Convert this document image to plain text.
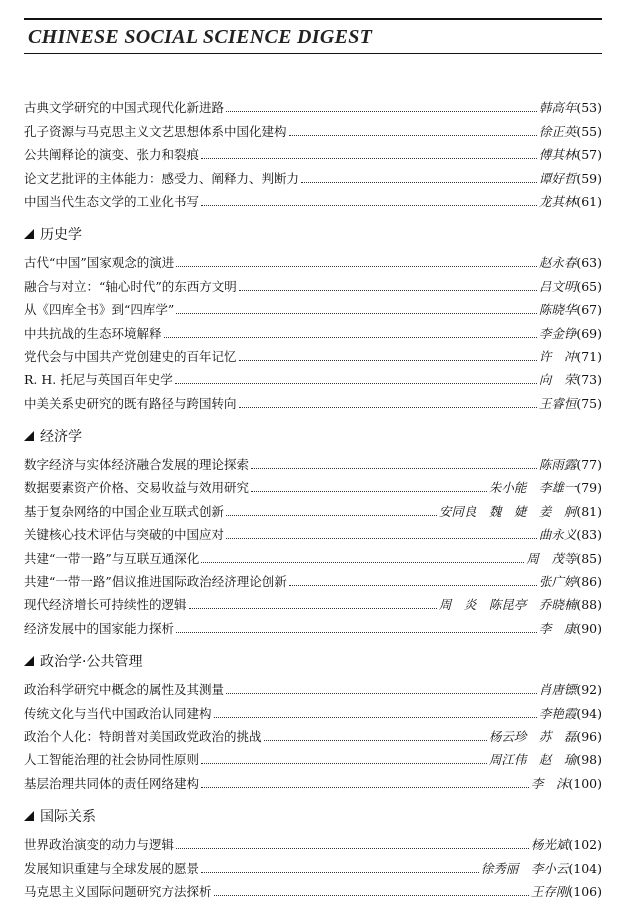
CHINESE SOCIAL SCIENCE DIGEST
古典文学研究的中国式现代化新进路	韩高年 (53)
孔子资源与马克思主义文艺思想体系中国化建构	徐正英 (55)
公共阐释论的演变、张力和裂痕	傅其林 (57)
论文艺批评的主体能力：感受力、阐释力、判断力	谭好哲 (59)
中国当代生态文学的工业化书写	龙其林 (61)
历史学
古代“中国”国家观念的演进	赵永春 (63)
融合与对立：“轴心时代”的东西方文明	吕文明 (65)
从《四库全书》到“四库学”	陈晓华 (67)
中共抗战的生态环境解释	李金铮 (69)
党代会与中国共产党创建史的百年记忆	许　冲 (71)
R. H. 托尼与英国百年史学	向　荣 (73)
中美关系史研究的既有路径与跨国转向	王睿恒 (75)
经济学
数字经济与实体经济融合发展的理论探索	陈雨露 (77)
数据要素资产价格、交易收益与效用研究	朱小能　李雄一 (79)
基于复杂网络的中国企业互联式创新	安同良　魏　婕　姜　舸 (81)
关键核心技术评估与突破的中国应对	曲永义 (83)
共建“一带一路”与互联互通深化	周　茂等 (85)
共建“一带一路”倡议推进国际政治经济理论创新	张广婷 (86)
现代经济增长可持续性的逻辑	周　炎　陈昆亭　乔晓楠 (88)
经济发展中的国家能力探析	李　康 (90)
政治学·公共管理
政治科学研究中概念的属性及其测量	肖唐镖 (92)
传统文化与当代中国政治认同建构	李艳霞 (94)
政治个人化：特朗普对美国政党政治的挑战	杨云珍　苏　磊 (96)
人工智能治理的社会协同性原则	周江伟　赵　瑜 (98)
基层治理共同体的责任网络建构	李　沫 (100)
国际关系
世界政治演变的动力与逻辑	杨光斌 (102)
发展知识重建与全球发展的愿景	徐秀丽　李小云 (104)
马克思主义国际问题研究方法探析	王存刚 (106)
